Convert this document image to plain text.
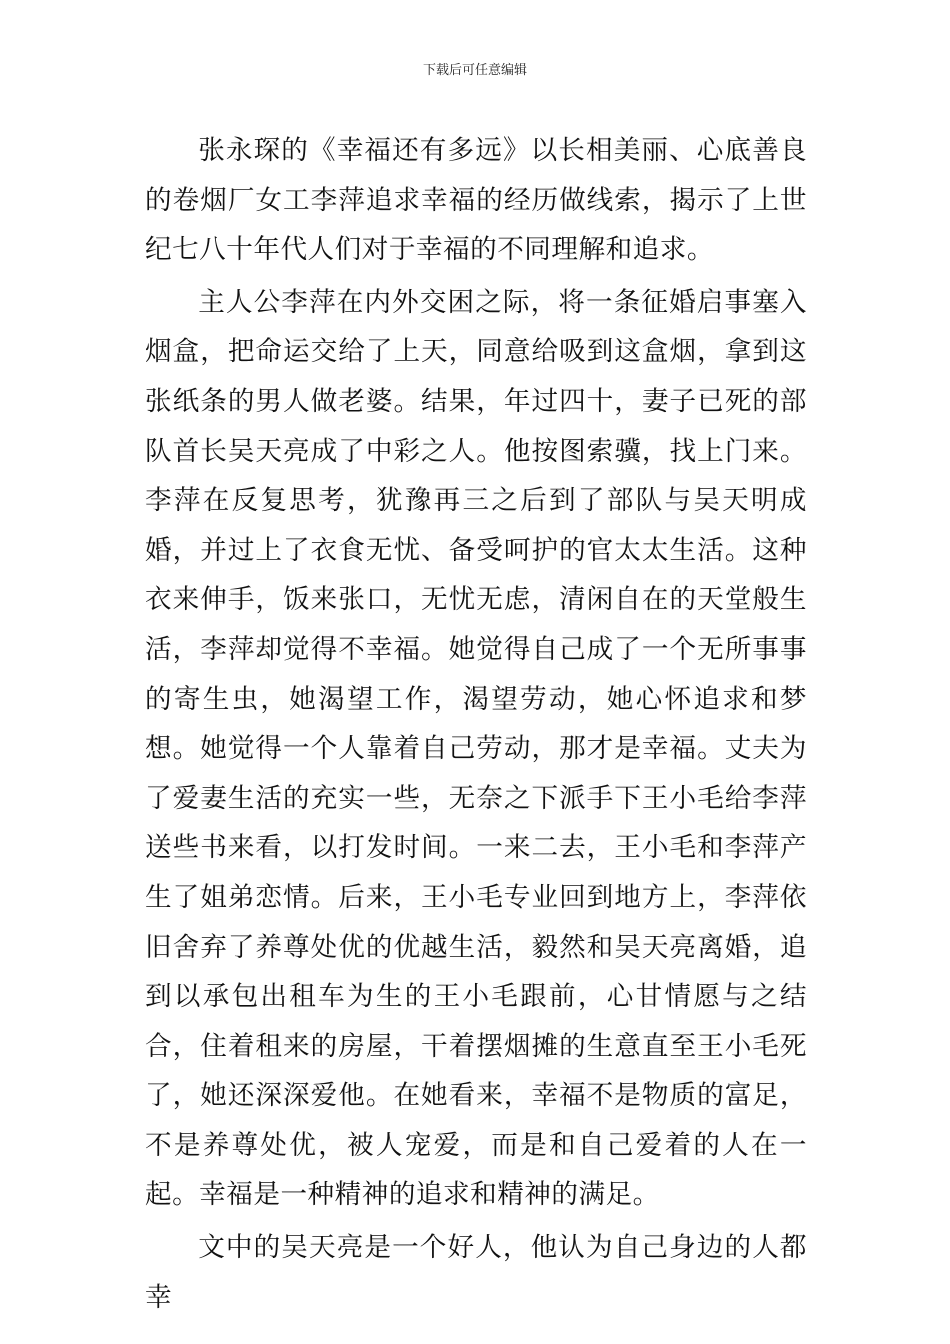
下载后可任意编辑

张永琛的《幸福还有多远》以长相美丽、心底善良的卷烟厂女工李萍追求幸福的经历做线索，揭示了上世纪七八十年代人们对于幸福的不同理解和追求。

主人公李萍在内外交困之际，将一条征婚启事塞入烟盒，把命运交给了上天，同意给吸到这盒烟，拿到这张纸条的男人做老婆。结果，年过四十，妻子已死的部队首长吴天亮成了中彩之人。他按图索骥，找上门来。李萍在反复思考，犹豫再三之后到了部队与吴天明成婚，并过上了衣食无忧、备受呵护的官太太生活。这种衣来伸手，饭来张口，无忧无虑，清闲自在的天堂般生活，李萍却觉得不幸福。她觉得自己成了一个无所事事的寄生虫，她渴望工作，渴望劳动，她心怀追求和梦想。她觉得一个人靠着自己劳动，那才是幸福。丈夫为了爱妻生活的充实一些，无奈之下派手下王小毛给李萍送些书来看，以打发时间。一来二去，王小毛和李萍产生了姐弟恋情。后来，王小毛专业回到地方上，李萍依旧舍弃了养尊处优的优越生活，毅然和吴天亮离婚，追到以承包出租车为生的王小毛跟前，心甘情愿与之结合，住着租来的房屋，干着摆烟摊的生意直至王小毛死了，她还深深爱他。在她看来，幸福不是物质的富足，不是养尊处优，被人宠爱，而是和自己爱着的人在一起。幸福是一种精神的追求和精神的满足。

文中的吴天亮是一个好人，他认为自己身边的人都幸
